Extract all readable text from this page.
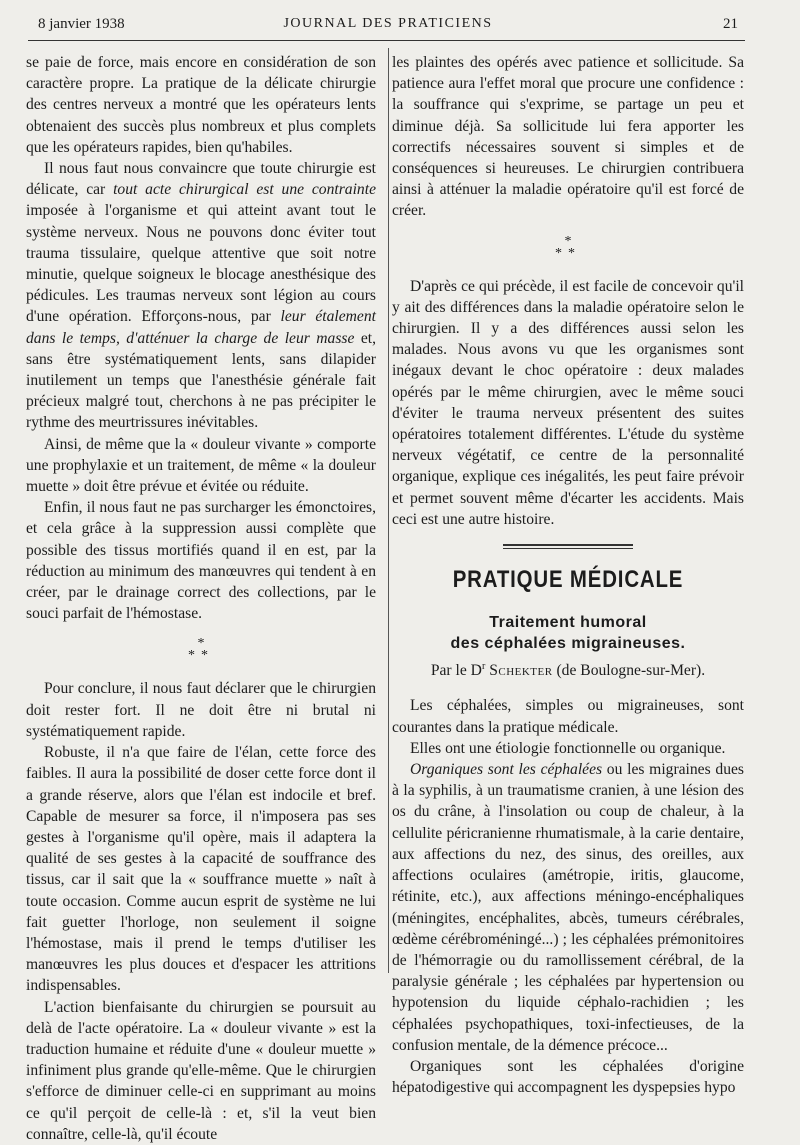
8 janvier 1938	JOURNAL DES PRATICIENS	21

se paie de force, mais encore en considération de son caractère propre. La pratique de la délicate chirurgie des centres nerveux a montré que les opérateurs lents obtenaient des succès plus nombreux et plus complets que les opérateurs rapides, bien qu'habiles.

Il nous faut nous convaincre que toute chirurgie est délicate, car tout acte chirurgical est une contrainte imposée à l'organisme et qui atteint avant tout le système nerveux. Nous ne pouvons donc éviter tout trauma tissulaire, quelque attentive que soit notre minutie, quelque soigneux le blocage anesthésique des pédicules. Les traumas nerveux sont légion au cours d'une opération. Efforçons-nous, par leur étalement dans le temps, d'atténuer la charge de leur masse et, sans être systématiquement lents, sans dilapider inutilement un temps que l'anesthésie générale fait précieux malgré tout, cherchons à ne pas précipiter le rythme des meurtrissures inévitables.

Ainsi, de même que la « douleur vivante » comporte une prophylaxie et un traitement, de même « la douleur muette » doit être prévue et évitée ou réduite.

Enfin, il nous faut ne pas surcharger les émonctoires, et cela grâce à la suppression aussi complète que possible des tissus mortifiés quand il en est, par la réduction au minimum des manœuvres qui tendent à en créer, par le drainage correct des collections, par le souci parfait de l'hémostase.

*
**

Pour conclure, il nous faut déclarer que le chirurgien doit rester fort. Il ne doit être ni brutal ni systématiquement rapide.

Robuste, il n'a que faire de l'élan, cette force des faibles. Il aura la possibilité de doser cette force dont il a grande réserve, alors que l'élan est indocile et bref. Capable de mesurer sa force, il n'imposera pas ses gestes à l'organisme qu'il opère, mais il adaptera la qualité de ses gestes à la capacité de souffrance des tissus, car il sait que la « souffrance muette » naît à toute occasion. Comme aucun esprit de système ne lui fait guetter l'horloge, non seulement il soigne l'hémostase, mais il prend le temps d'utiliser les manœuvres les plus douces et d'espacer les attritions indispensables.

L'action bienfaisante du chirurgien se poursuit au delà de l'acte opératoire. La « douleur vivante » est la traduction humaine et réduite d'une « douleur muette » infiniment plus grande qu'elle-même. Que le chirurgien s'efforce de diminuer celle-ci en supprimant au moins ce qu'il perçoit de celle-là : et, s'il la veut bien connaître, celle-là, qu'il écoute

les plaintes des opérés avec patience et sollicitude. Sa patience aura l'effet moral que procure une confidence : la souffrance qui s'exprime, se partage un peu et diminue déjà. Sa sollicitude lui fera apporter les correctifs nécessaires souvent si simples et de conséquences si heureuses. Le chirurgien contribuera ainsi à atténuer la maladie opératoire qu'il est forcé de créer.

*
**

D'après ce qui précède, il est facile de concevoir qu'il y ait des différences dans la maladie opératoire selon le chirurgien. Il y a des différences aussi selon les malades. Nous avons vu que les organismes sont inégaux devant le choc opératoire : deux malades opérés par le même chirurgien, avec le même souci d'éviter le trauma nerveux présentent des suites opératoires totalement différentes. L'étude du système nerveux végétatif, ce centre de la personnalité organique, explique ces inégalités, les peut faire prévoir et permet souvent même d'écarter les accidents. Mais ceci est une autre histoire.

PRATIQUE MÉDICALE
Traitement humoral
des céphalées migraineuses.
Par le $D^r$ Schekter (de Boulogne-sur-Mer).

Les céphalées, simples ou migraineuses, sont courantes dans la pratique médicale.

Elles ont une étiologie fonctionnelle ou organique.

Organiques sont les céphalées ou les migraines dues à la syphilis, à un traumatisme cranien, à une lésion des os du crâne, à l'insolation ou coup de chaleur, à la cellulite péricranienne rhumatismale, à la carie dentaire, aux affections du nez, des sinus, des oreilles, aux affections oculaires (amétropie, iritis, glaucome, rétinite, etc.), aux affections méningo-encéphaliques (méningites, encéphalites, abcès, tumeurs cérébrales, œdème cérébroméningé...) ; les céphalées prémonitoires de l'hémorragie ou du ramollissement cérébral, de la paralysie générale ; les céphalées par hypertension ou hypotension du liquide céphalo-rachidien ; les céphalées psychopathiques, toxi-infectieuses, de la confusion mentale, de la démence précoce...

Organiques sont les céphalées d'origine hépatodigestive qui accompagnent les dyspepsies hypo
